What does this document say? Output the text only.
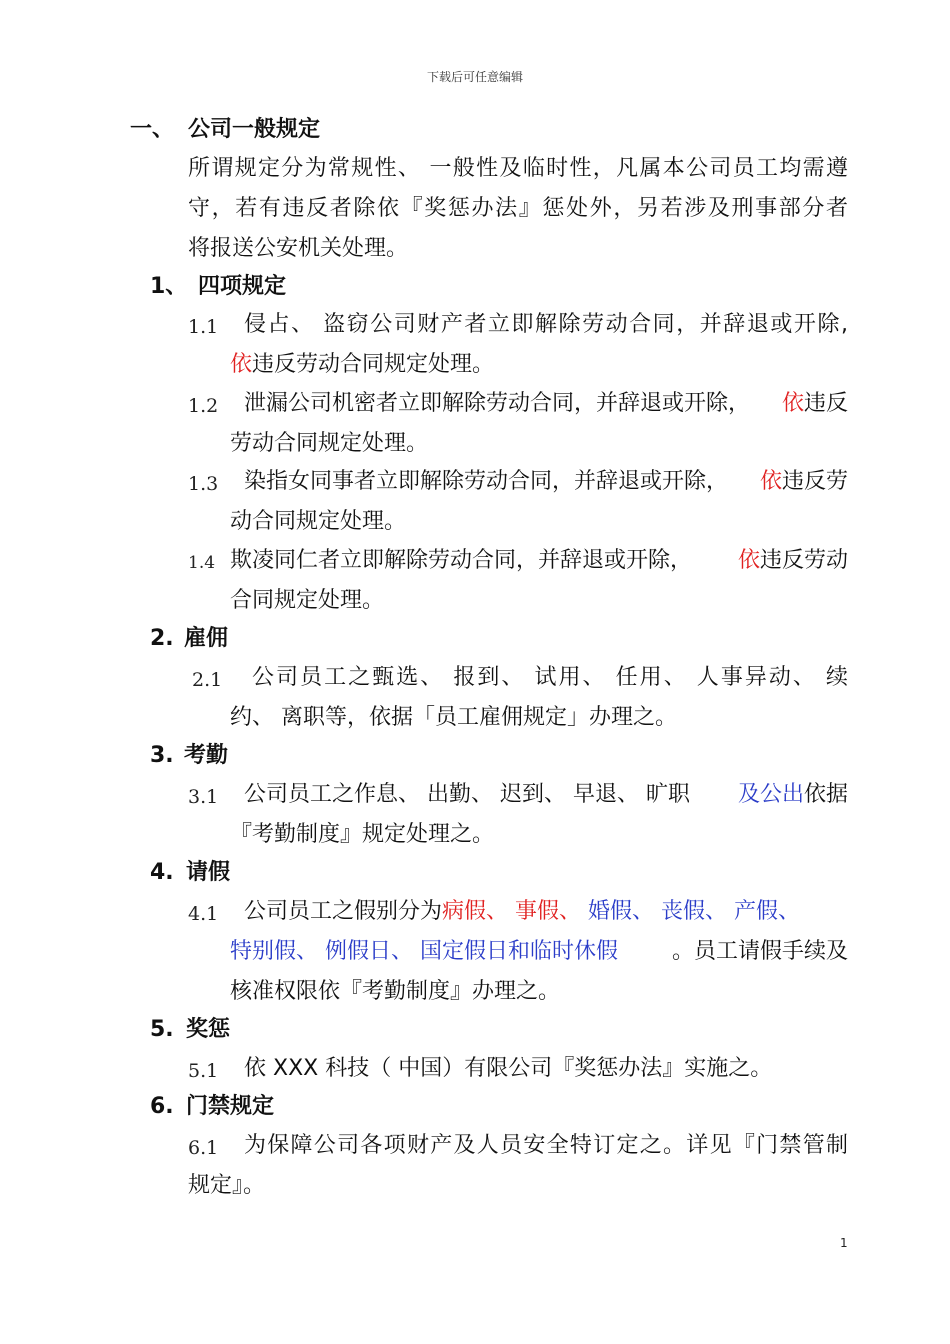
下载后可任意编辑
一、 公司一般规定
所谓规定分为常规性、 一般性及临时性，凡属本公司员工均需遵
守，若有违反者除依『奖惩办法』惩处外，另若涉及刑事部分者
将报送公安机关处理。
1、 四项规定
1.1 侵占、 盗窃公司财产者立即解除劳动合同，并辞退或开除,
依违反劳动合同规定处理。
1.2 泄漏公司机密者立即解除劳动合同，并辞退或开除， 依违反
劳动合同规定处理。
1.3 染指女同事者立即解除劳动合同，并辞退或开除， 依违反劳
动合同规定处理。
1.4 欺凌同仁者立即解除劳动合同，并辞退或开除， 依违反劳动
合同规定处理。
2. 雇佣
2.1 公司员工之甄选、 报到、 试用、 任用、 人事异动、 续
约、 离职等，依据「员工雇佣规定」办理之。
3. 考勤
3.1 公司员工之作息、 出勤、 迟到、 早退、 旷职 及公出依据
『考勤制度』规定处理之。
4. 请假
4.1 公司员工之假别分为病假、 事假、 婚假、 丧假、 产假、
特别假、 例假日、 国定假日和临时休假 。员工请假手续及
核准权限依『考勤制度』办理之。
5. 奖惩
5.1 依 XXX 科技（ 中国）有限公司『奖惩办法』实施之。
6. 门禁规定
6.1 为保障公司各项财产及人员安全特订定之。详见『门禁管制
规定』。
1
